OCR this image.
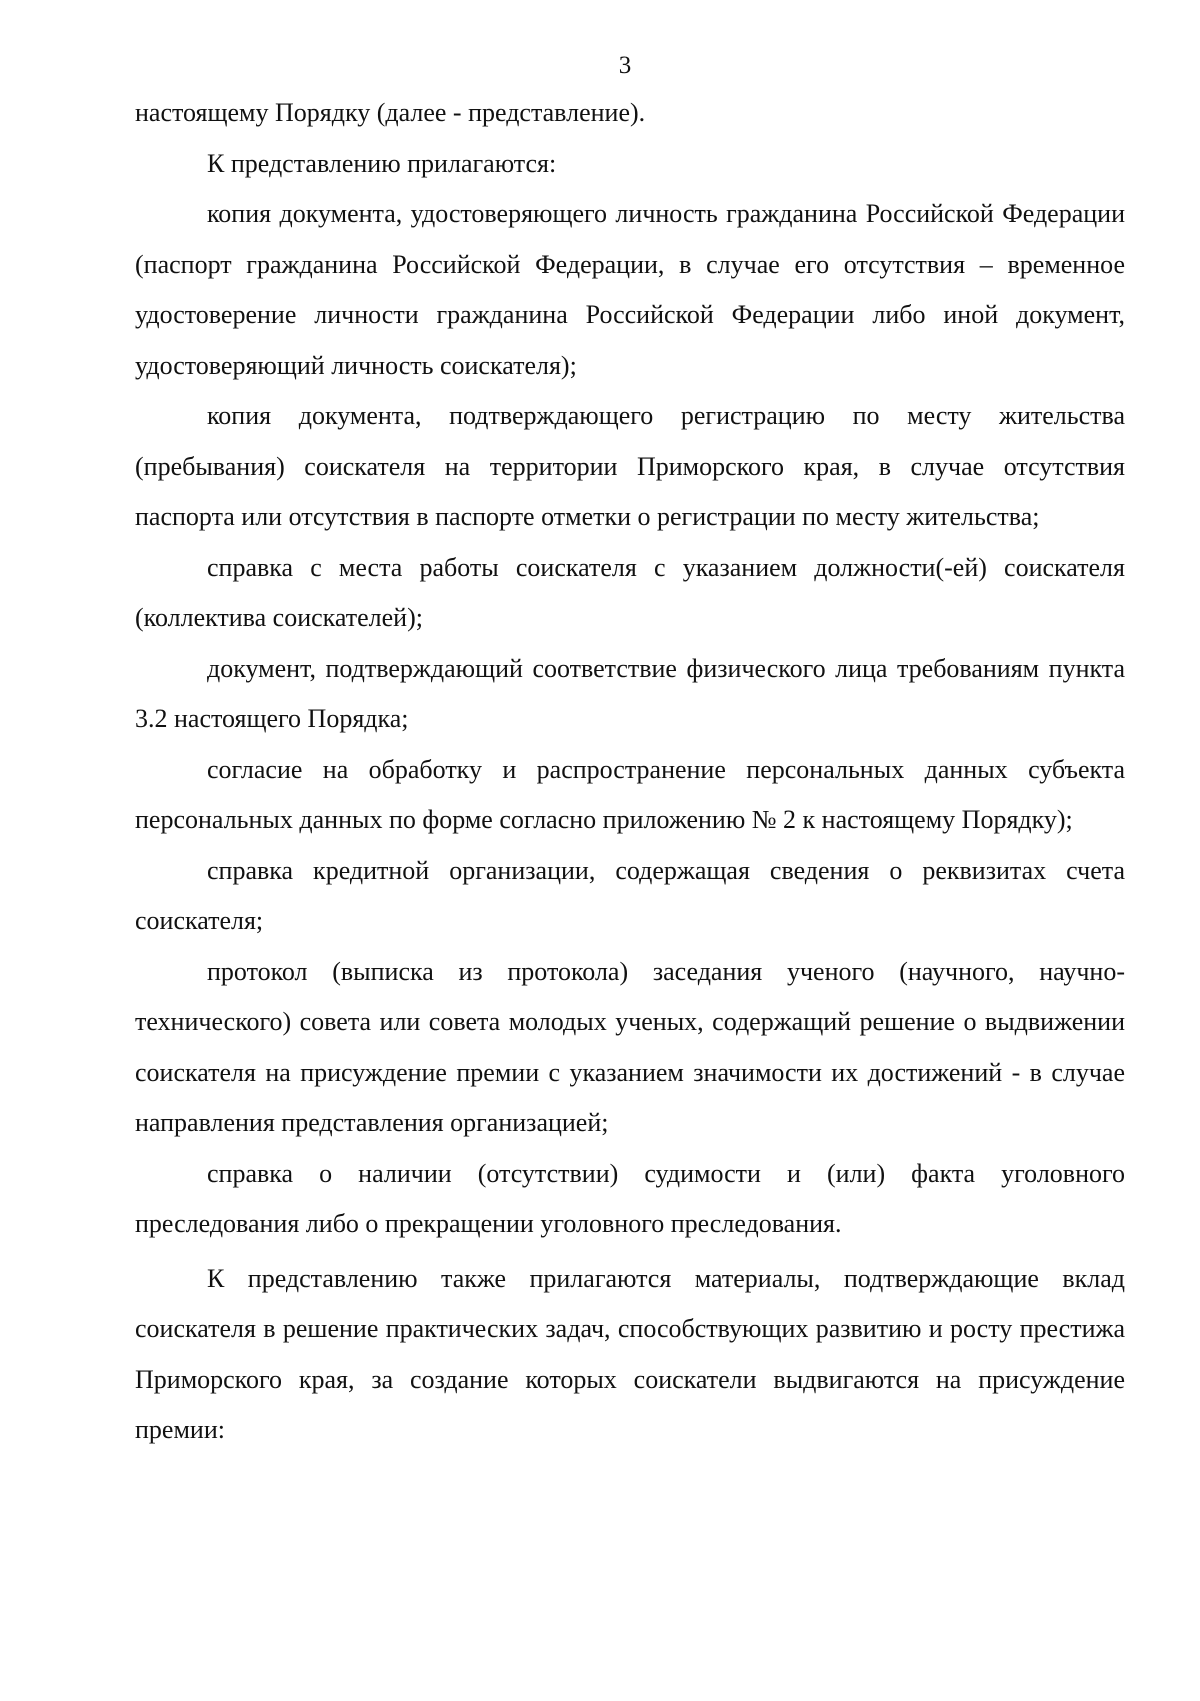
3

настоящему Порядку (далее - представление).

К представлению прилагаются:

копия документа, удостоверяющего личность гражданина Российской Федерации (паспорт гражданина Российской Федерации, в случае его отсутствия – временное удостоверение личности гражданина Российской Федерации либо иной документ, удостоверяющий личность соискателя);

копия документа, подтверждающего регистрацию по месту жительства (пребывания) соискателя на территории Приморского края, в случае отсутствия паспорта или отсутствия в паспорте отметки о регистрации по месту жительства;

справка с места работы соискателя с указанием должности(-ей) соискателя (коллектива соискателей);

документ, подтверждающий соответствие физического лица требованиям пункта 3.2 настоящего Порядка;

согласие на обработку и распространение персональных данных субъекта персональных данных по форме согласно приложению № 2 к настоящему Порядку);

справка кредитной организации, содержащая сведения о реквизитах счета соискателя;

протокол (выписка из протокола) заседания ученого (научного, научно-технического) совета или совета молодых ученых, содержащий решение о выдвижении соискателя на присуждение премии с указанием значимости их достижений - в случае направления представления организацией;

справка о наличии (отсутствии) судимости и (или) факта уголовного преследования либо о прекращении уголовного преследования.

К представлению также прилагаются материалы, подтверждающие вклад соискателя в решение практических задач, способствующих развитию и росту престижа Приморского края, за создание которых соискатели выдвигаются на присуждение премии:
